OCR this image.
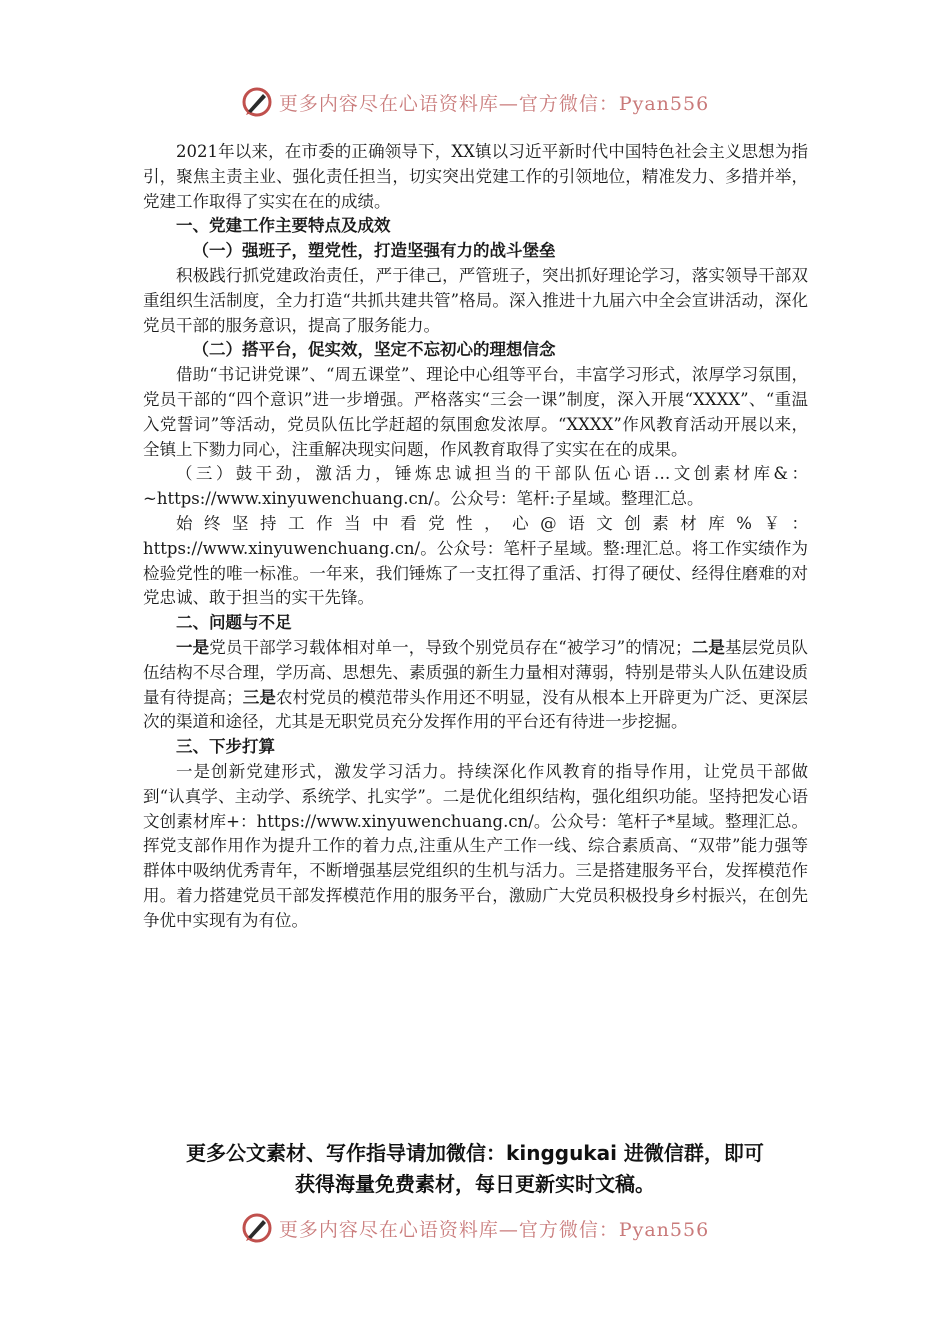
更多内容尽在心语资料库—官方微信：Pyan556

2021年以来，在市委的正确领导下，XX镇以习近平新时代中国特色社会主义思想为指引，聚焦主责主业、强化责任担当，切实突出党建工作的引领地位，精准发力、多措并举，党建工作取得了实实在在的成绩。

一、党建工作主要特点及成效

（一）强班子，塑党性，打造坚强有力的战斗堡垒

积极践行抓党建政治责任，严于律己，严管班子，突出抓好理论学习，落实领导干部双重组织生活制度，全力打造“共抓共建共管”格局。深入推进十九届六中全会宣讲活动，深化党员干部的服务意识，提高了服务能力。

（二）搭平台，促实效，坚定不忘初心的理想信念

借助“书记讲党课”、“周五课堂”、理论中心组等平台，丰富学习形式，浓厚学习氛围，党员干部的“四个意识”进一步增强。严格落实“三会一课”制度，深入开展“XXXX”、“重温入党誓词”等活动，党员队伍比学赶超的氛围愈发浓厚。“XXXX”作风教育活动开展以来，全镇上下勠力同心，注重解决现实问题，作风教育取得了实实在在的成果。

（三）鼓干劲，激活力，锤炼忠诚担当的干部队伍心语…文创素材库&：~https://www.xinyuwenchuang.cn/。公众号：笔杆:子星域。整理汇总。

始终坚持工作当中看党性，心@语文创素材库%￥：https://www.xinyuwenchuang.cn/。公众号：笔杆子星域。整:理汇总。将工作实绩作为检验党性的唯一标准。一年来，我们锤炼了一支扛得了重活、打得了硬仗、经得住磨难的对党忠诚、敢于担当的实干先锋。

二、问题与不足

一是党员干部学习载体相对单一，导致个别党员存在“被学习”的情况；二是基层党员队伍结构不尽合理，学历高、思想先、素质强的新生力量相对薄弱，特别是带头人队伍建设质量有待提高；三是农村党员的模范带头作用还不明显，没有从根本上开辟更为广泛、更深层次的渠道和途径，尤其是无职党员充分发挥作用的平台还有待进一步挖掘。

三、下步打算

一是创新党建形式，激发学习活力。持续深化作风教育的指导作用，让党员干部做到“认真学、主动学、系统学、扎实学”。二是优化组织结构，强化组织功能。坚持把发心语文创素材库+：https://www.xinyuwenchuang.cn/。公众号：笔杆子*星域。整理汇总。挥党支部作用作为提升工作的着力点,注重从生产工作一线、综合素质高、“双带”能力强等群体中吸纳优秀青年，不断增强基层党组织的生机与活力。三是搭建服务平台，发挥模范作用。着力搭建党员干部发挥模范作用的服务平台，激励广大党员积极投身乡村振兴，在创先争优中实现有为有位。

更多公文素材、写作指导请加微信：kinggukai 进微信群，即可
获得海量免费素材，每日更新实时文稿。
更多内容尽在心语资料库—官方微信：Pyan556
